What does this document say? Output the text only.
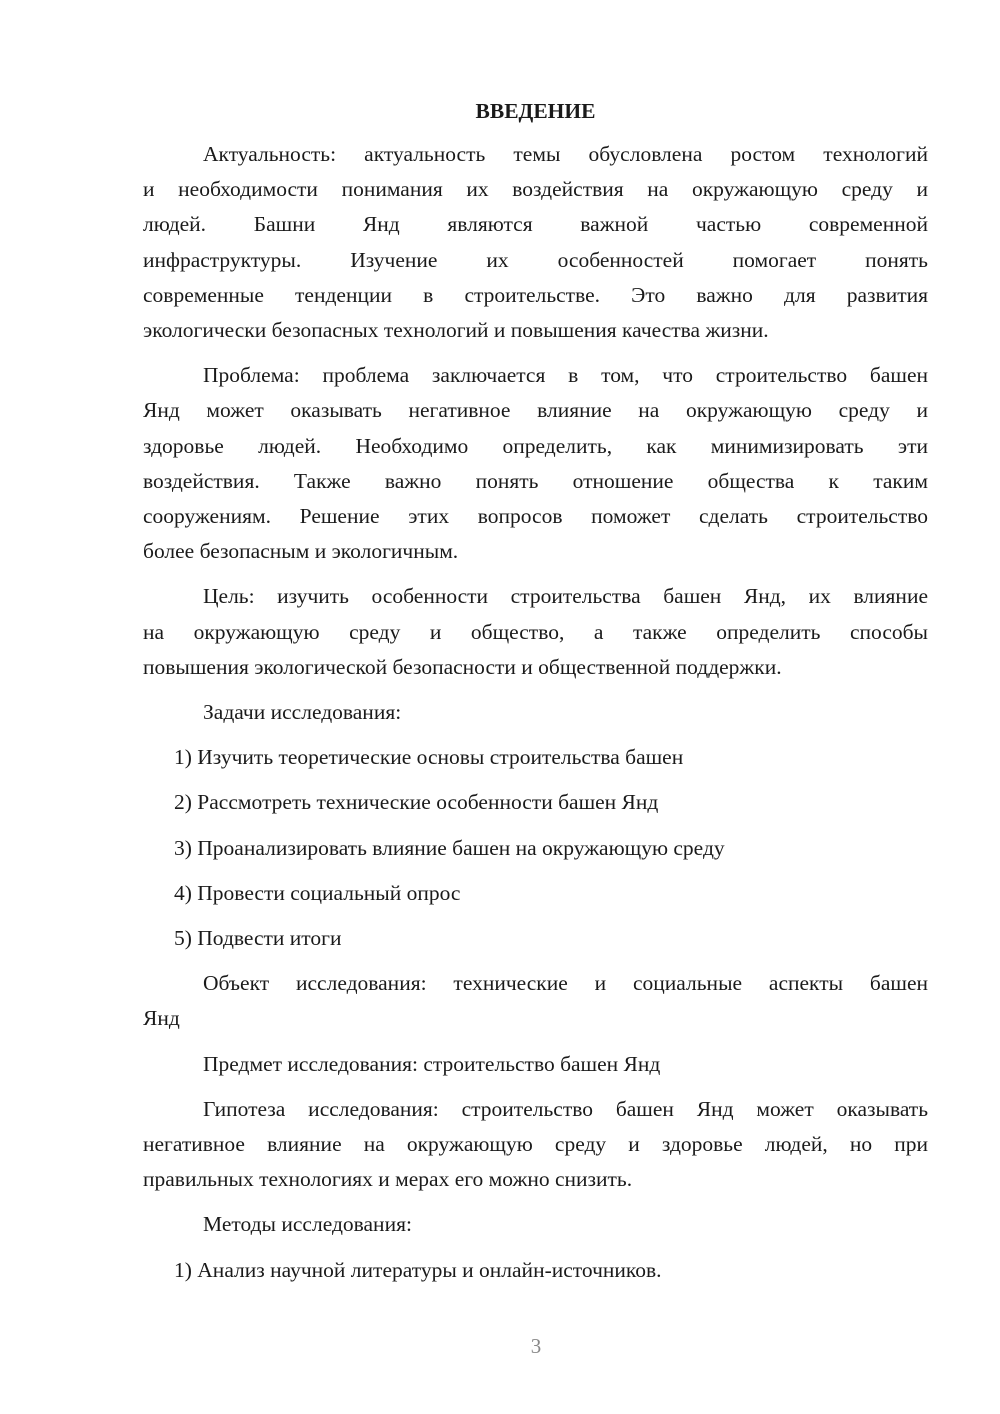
ВВЕДЕНИЕ
Актуальность: актуальность темы обусловлена ростом технологий
и необходимости понимания их воздействия на окружающую среду и
людей. Башни Янд являются важной частью современной
инфраструктуры. Изучение их особенностей помогает понять
современные тенденции в строительстве. Это важно для развития
экологически безопасных технологий и повышения качества жизни.
Проблема: проблема заключается в том, что строительство башен
Янд может оказывать негативное влияние на окружающую среду и
здоровье людей. Необходимо определить, как минимизировать эти
воздействия. Также важно понять отношение общества к таким
сооружениям. Решение этих вопросов поможет сделать строительство
более безопасным и экологичным.
Цель: изучить особенности строительства башен Янд, их влияние
на окружающую среду и общество, а также определить способы
повышения экологической безопасности и общественной поддержки.
Задачи исследования:
1) Изучить теоретические основы строительства башен
2) Рассмотреть технические особенности башен Янд
3) Проанализировать влияние башен на окружающую среду
4) Провести социальный опрос
5) Подвести итоги
Объект исследования: технические и социальные аспекты башен
Янд
Предмет исследования: строительство башен Янд
Гипотеза исследования: строительство башен Янд может оказывать
негативное влияние на окружающую среду и здоровье людей, но при
правильных технологиях и мерах его можно снизить.
Методы исследования:
1) Анализ научной литературы и онлайн-источников.
3
